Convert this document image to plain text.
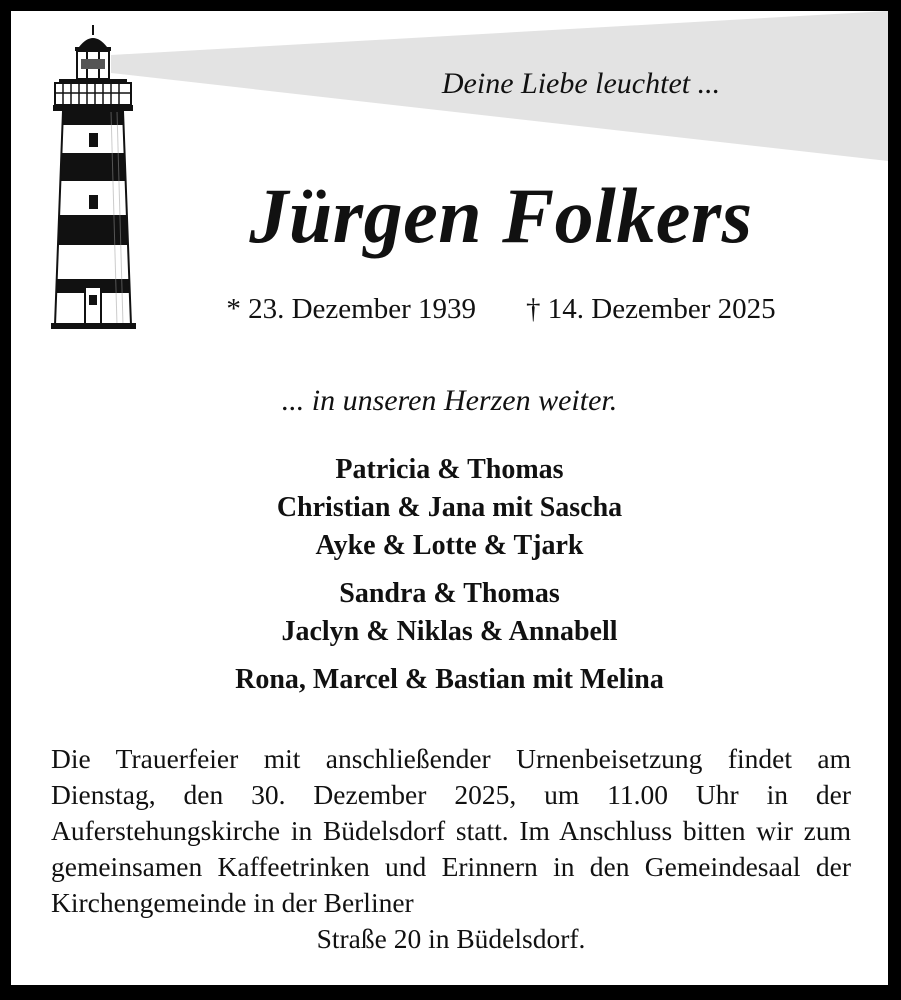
Deine Liebe leuchtet ...

Jürgen Folkers
* 23. Dezember 1939 † 14. Dezember 2025
... in unseren Herzen weiter.
Patricia & Thomas
Christian & Jana mit Sascha
Ayke & Lotte & Tjark
Sandra & Thomas
Jaclyn & Niklas & Annabell
Rona, Marcel & Bastian mit Melina
Die Trauerfeier mit anschließender Urnenbeisetzung findet am Dienstag, den 30. Dezember 2025, um 11.00 Uhr in der Auferstehungskirche in Büdelsdorf statt. Im Anschluss bitten wir zum gemeinsamen Kaffeetrinken und Erinnern in den Gemeindesaal der Kirchengemeinde in der Berliner
Straße 20 in Büdelsdorf.
